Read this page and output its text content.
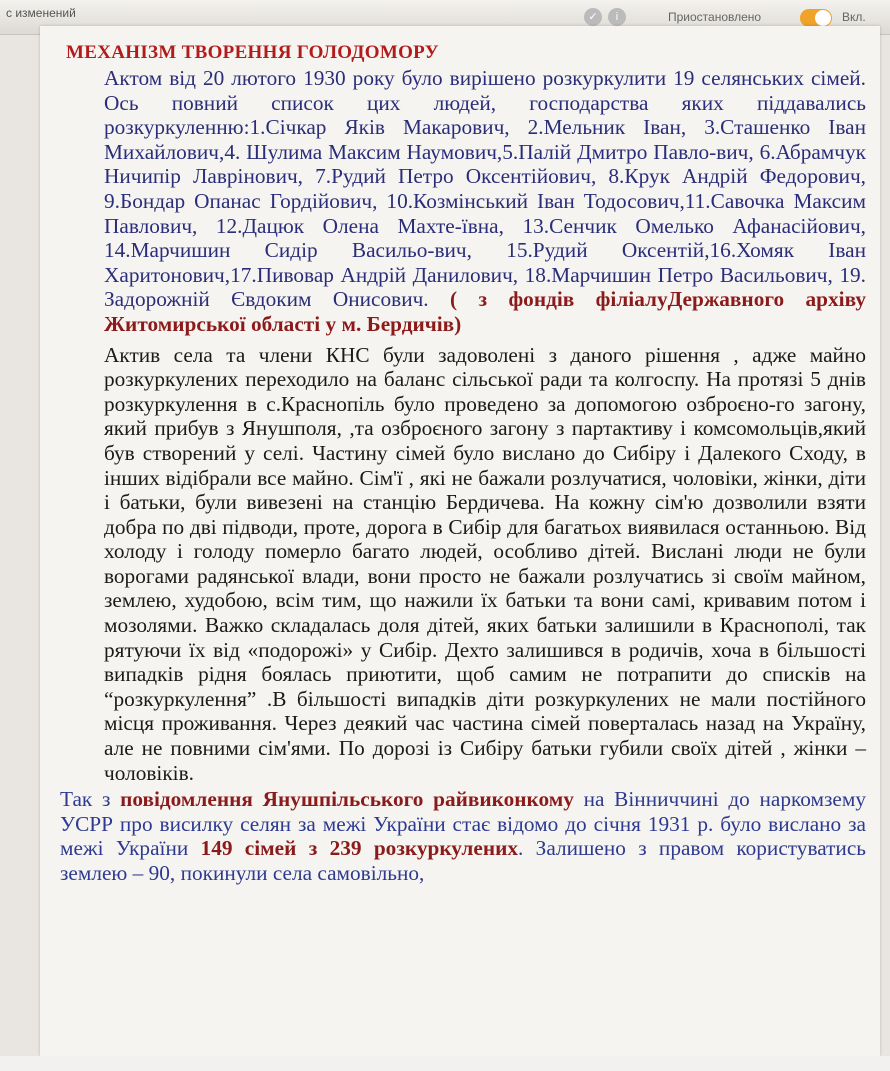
с изменений	✓ i	Приостановлено	Вкл.
МЕХАНІЗМ ТВОРЕННЯ ГОЛОДОМОРУ

Актом від 20 лютого 1930 року було вирішено розкуркулити 19 селянських сімей. Ось повний список цих людей, господарства яких піддавались розкуркуленню:1.Січкар Яків Макарович, 2.Мельник Іван, 3.Сташенко Іван Михайлович,4. Шулима Максим Наумович,5.Палій Дмитро Павло-вич, 6.Абрамчук Ничипір Лаврінович, 7.Рудий Петро Оксентійович, 8.Крук Андрій Федорович, 9.Бондар Опанас Гордійович, 10.Козмінський Іван Тодосович,11.Савочка Максим Павлович, 12.Дацюк Олена Махте-ївна, 13.Сенчик Омелько Афанасійович, 14.Марчишин Сидір Васильо-вич, 15.Рудий Оксентій,16.Хомяк Іван Харитонович,17.Пивовар Андрій Данилович, 18.Марчишин Петро Васильович, 19. Задорожній Євдоким Онисович. ( з фондів філіалуДержавного архіву Житомирської області у м. Бердичів)

Актив села та члени КНС були задоволені з даного рішення , адже майно розкуркулених переходило на баланс сільської ради та колгоспу. На протязі 5 днів розкуркулення в с.Краснопіль було проведено за допомогою озброєно-го загону, який прибув з Янушполя, ,та озброєного загону з партактиву і комсомольців,який був створений у селі. Частину сімей було вислано до Сибіру і Далекого Сходу, в інших відібрали все майно. Сім'ї , які не бажали розлучатися, чоловіки, жінки, діти і батьки, були вивезені на станцію Бердичева. На кожну сім'ю дозволили взяти добра по дві підводи, проте, дорога в Сибір для багатьох виявилася останньою. Від холоду і голоду померло багато людей, особливо дітей. Вислані люди не були ворогами радянської влади, вони просто не бажали розлучатись зі своїм майном, землею, худобою, всім тим, що нажили їх батьки та вони самі, кривавим потом і мозолями. Важко складалась доля дітей, яких батьки залишили в Краснополі, так рятуючи їх від «подорожі» у Сибір. Дехто залишився в родичів, хоча в більшості випадків рідня боялась приютити, щоб самим не потрапити до списків на “розкуркулення” .В більшості випадків діти розкуркулених не мали постійного місця проживання. Через деякий час частина сімей поверталась назад на Україну, але не повними сім'ями. По дорозі із Сибіру батьки губили своїх дітей , жінки –чоловіків.

Так з повідомлення Янушпільського райвиконкому на Вінниччині до наркомзему УСРР про висилку селян за межі України стає відомо до січня 1931 р. було вислано за межі України 149 сімей з 239 розкуркулених. Залишено з правом користуватись землею – 90, покинули села самовільно,
